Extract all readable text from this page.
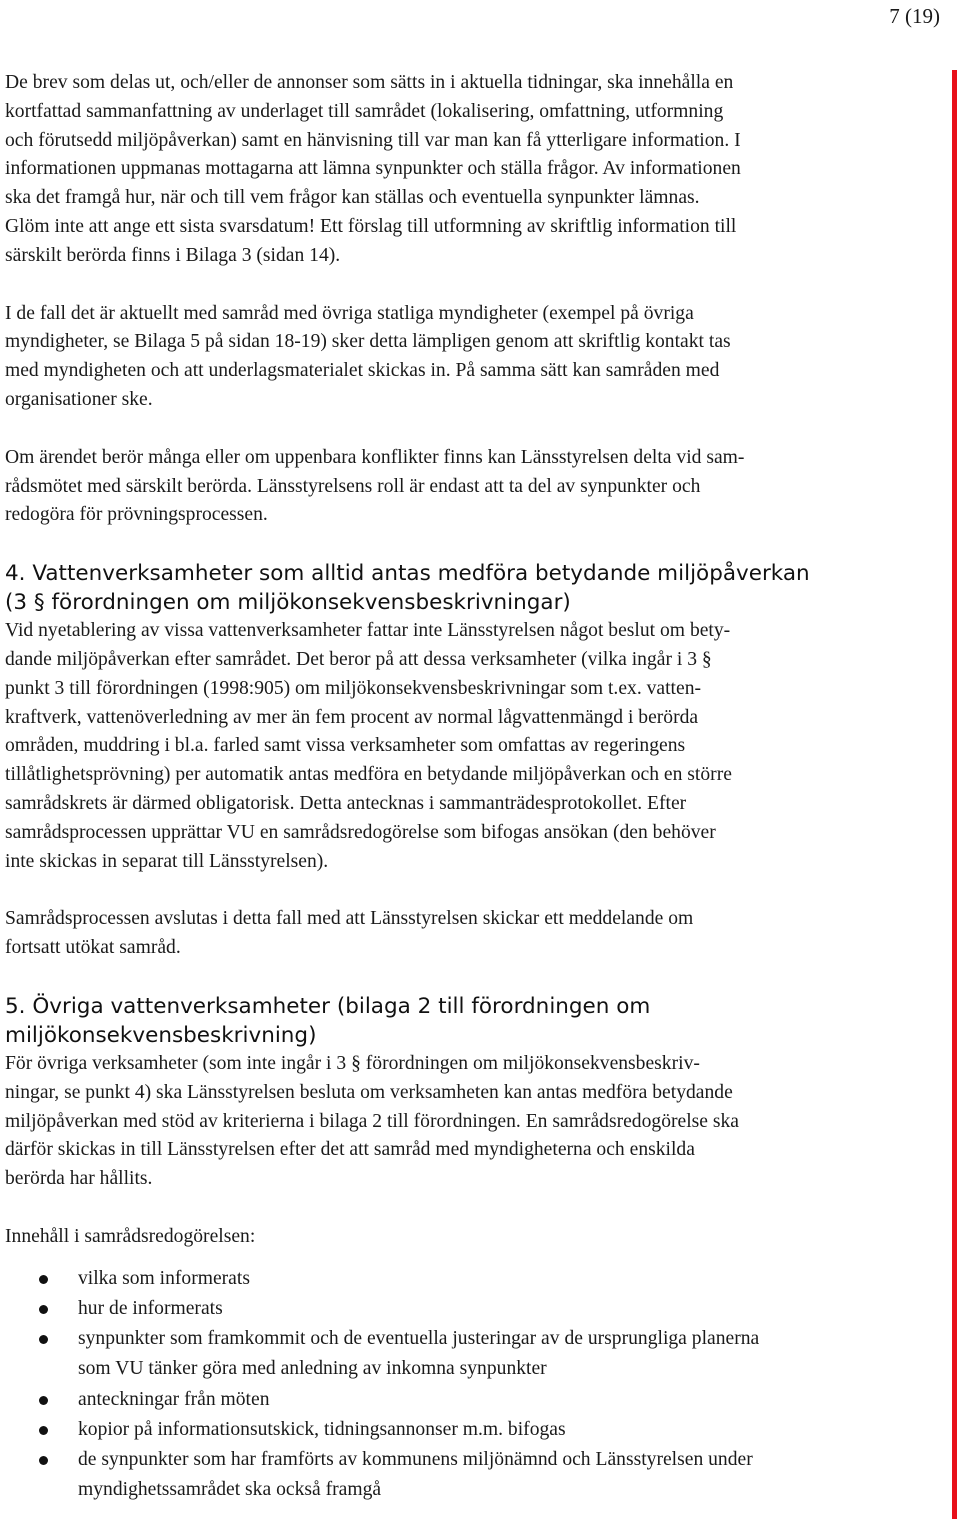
7 (19)

De brev som delas ut, och/eller de annonser som sätts in i aktuella tidningar, ska innehålla en

kortfattad sammanfattning av underlaget till samrådet (lokalisering, omfattning, utformning

och förutsedd miljöpåverkan) samt en hänvisning till var man kan få ytterligare information. I

informationen uppmanas mottagarna att lämna synpunkter och ställa frågor. Av informationen

ska det framgå hur, när och till vem frågor kan ställas och eventuella synpunkter lämnas.

Glöm inte att ange ett sista svarsdatum! Ett förslag till utformning av skriftlig information till

särskilt berörda finns i Bilaga 3 (sidan 14).

I de fall det är aktuellt med samråd med övriga statliga myndigheter (exempel på övriga

myndigheter, se Bilaga 5 på sidan 18-19) sker detta lämpligen genom att skriftlig kontakt tas

med myndigheten och att underlagsmaterialet skickas in. På samma sätt kan samråden med

organisationer ske.

Om ärendet berör många eller om uppenbara konflikter finns kan Länsstyrelsen delta vid sam-

rådsmötet med särskilt berörda. Länsstyrelsens roll är endast att ta del av synpunkter och

redogöra för prövningsprocessen.

4. Vattenverksamheter som alltid antas medföra betydande miljöpåverkan
(3 § förordningen om miljökonsekvensbeskrivningar)

Vid nyetablering av vissa vattenverksamheter fattar inte Länsstyrelsen något beslut om bety-

dande miljöpåverkan efter samrådet. Det beror på att dessa verksamheter (vilka ingår i 3 §

punkt 3 till förordningen (1998:905) om miljökonsekvensbeskrivningar som t.ex. vatten-

kraftverk, vattenöverledning av mer än fem procent av normal lågvattenmängd i berörda

områden, muddring i bl.a. farled samt vissa verksamheter som omfattas av regeringens

tillåtlighetsprövning) per automatik antas medföra en betydande miljöpåverkan och en större

samrådskrets är därmed obligatorisk. Detta antecknas i sammanträdesprotokollet. Efter

samrådsprocessen upprättar VU en samrådsredogörelse som bifogas ansökan (den behöver

inte skickas in separat till Länsstyrelsen).

Samrådsprocessen avslutas i detta fall med att Länsstyrelsen skickar ett meddelande om

fortsatt utökat samråd.

5. Övriga vattenverksamheter (bilaga 2 till förordningen om
miljökonsekvensbeskrivning)

För övriga verksamheter (som inte ingår i 3 § förordningen om miljökonsekvensbeskriv-

ningar, se punkt 4) ska Länsstyrelsen besluta om verksamheten kan antas medföra betydande

miljöpåverkan med stöd av kriterierna i bilaga 2 till förordningen. En samrådsredogörelse ska

därför skickas in till Länsstyrelsen efter det att samråd med myndigheterna och enskilda

berörda har hållits.

Innehåll i samrådsredogörelsen:

vilka som informerats
hur de informerats
synpunkter som framkommit och de eventuella justeringar av de ursprungliga planerna
som VU tänker göra med anledning av inkomna synpunkter
anteckningar från möten
kopior på informationsutskick, tidningsannonser m.m. bifogas
de synpunkter som har framförts av kommunens miljönämnd och Länsstyrelsen under
myndighetssamrådet ska också framgå
